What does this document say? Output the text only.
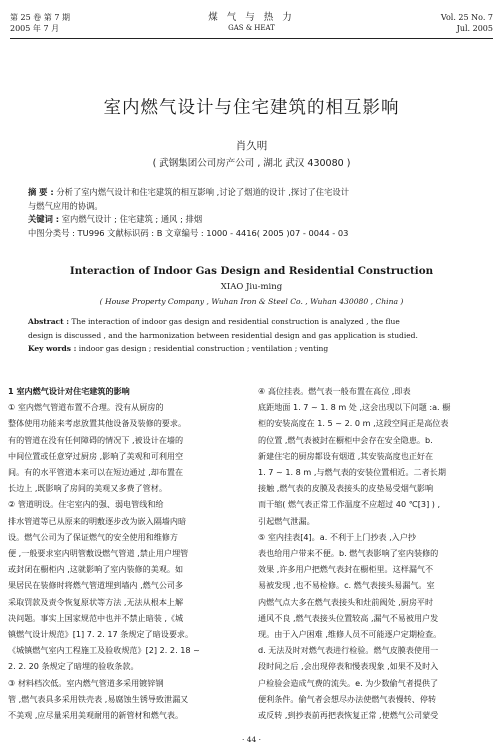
第 25 卷 第 7 期
2005 年 7 月
煤 气 与 热 力
GAS & HEAT
Vol. 25 No. 7
Jul. 2005
室内燃气设计与住宅建筑的相互影响
肖久明
( 武钢集团公司房产公司 , 湖北 武汉 430080 )
摘 要 : 分析了室内燃气设计和住宅建筑的相互影响 ,讨论了烟道的设计 ,探讨了住宅设计
与燃气应用的协调。
关键词 : 室内燃气设计 ; 住宅建筑 ; 通风 ; 排烟
中图分类号 : TU996 文献标识码 : B 文章编号 : 1000 - 4416( 2005 )07 - 0044 - 03
Interaction of Indoor Gas Design and Residential Construction
XIAO Jiu-ming
( House Property Company , Wuhan Iron & Steel Co. , Wuhan 430080 , China )
Abstract : The interaction of indoor gas design and residential construction is analyzed , the flue
design is discussed , and the harmonization between residential design and gas application is studied.
Key words : indoor gas design ; residential construction ; ventilation ; venting
1 室内燃气设计对住宅建筑的影响
① 室内燃气管道布置不合理。没有从厨房的
整体使用功能来考虑放置其他设备及装修的要求。
有的管道在没有任何障碍的情况下 ,被设计在墙的
中间位置或任意穿过厨房 ,影响了美观和可利用空
间。有的水平管道本来可以在短边通过 ,却布置在
长边上 ,既影响了房间的美观又多费了管材。
② 管道明设。住宅室内的强、弱电管线和给
排水管道等已从原来的明敷逐步改为嵌入隔墙内暗
设。燃气公司为了保证燃气的安全使用和维修方
便 ,一般要求室内明管敷设燃气管道 ,禁止用户埋管
或封闭在橱柜内 ,这就影响了室内装修的美观。如
果居民在装修时将燃气管道埋到墙内 ,燃气公司多
采取罚款及责令恢复原状等方法 ,无法从根本上解
决问题。事实上国家规范中也并不禁止暗装 ,《城
镇燃气设计规范》[1] 7. 2. 17 条规定了暗设要求。
《城镇燃气室内工程施工及验收规范》[2] 2. 2. 18 ~
2. 2. 20 条规定了暗埋的验收条款。
③ 材料档次低。室内燃气管道多采用镀锌钢
管 ,燃气表具多采用铁壳表 ,易腐蚀生锈导致泄漏又
不美观 ,应尽量采用美观耐用的新管材和燃气表。
④ 高位挂表。燃气表一般布置在高位 ,即表
底距地面 1. 7 ~ 1. 8 m 处 ,这会出现以下问题 :a. 橱
柜的安装高度在 1. 5 ~ 2. 0 m ,这段空间正是高位表
的位置 ,燃气表被封在橱柜中会存在安全隐患。b.
新建住宅的厨房都设有烟道 ,其安装高度也正好在
1. 7 ~ 1. 8 m ,与燃气表的安装位置相近。二者长期
接触 ,燃气表的皮膜及表接头的皮垫易受烟气影响
而干缩( 燃气表正常工作温度不应超过 40 ℃[3] ) ,
引起燃气泄漏。
⑤ 室内挂表[4]。a. 不利于上门抄表 ,入户抄
表也给用户带来不便。b. 燃气表影响了室内装修的
效果 ,许多用户把燃气表封在橱柜里。这样漏气不
易被发现 ,也不易检修。c. 燃气表接头易漏气。室
内燃气点大多在燃气表接头和灶前阀处 ,厨房平时
通风不良 ,燃气表接头位置较高 ,漏气不易被用户发
现。由于入户困难 ,维修人员不可能逐户定期检查。
d. 无法及时对燃气表进行检验。燃气皮膜表使用一
段时间之后 ,会出现停表和慢表现象 ,如果不及时入
户检验会造成气费的流失。e. 为少数偷气者提供了
便利条件。偷气者会想尽办法使燃气表慢转、停转
或反转 ,到抄表前再把表恢复正常 ,使燃气公司蒙受
· 44 ·
